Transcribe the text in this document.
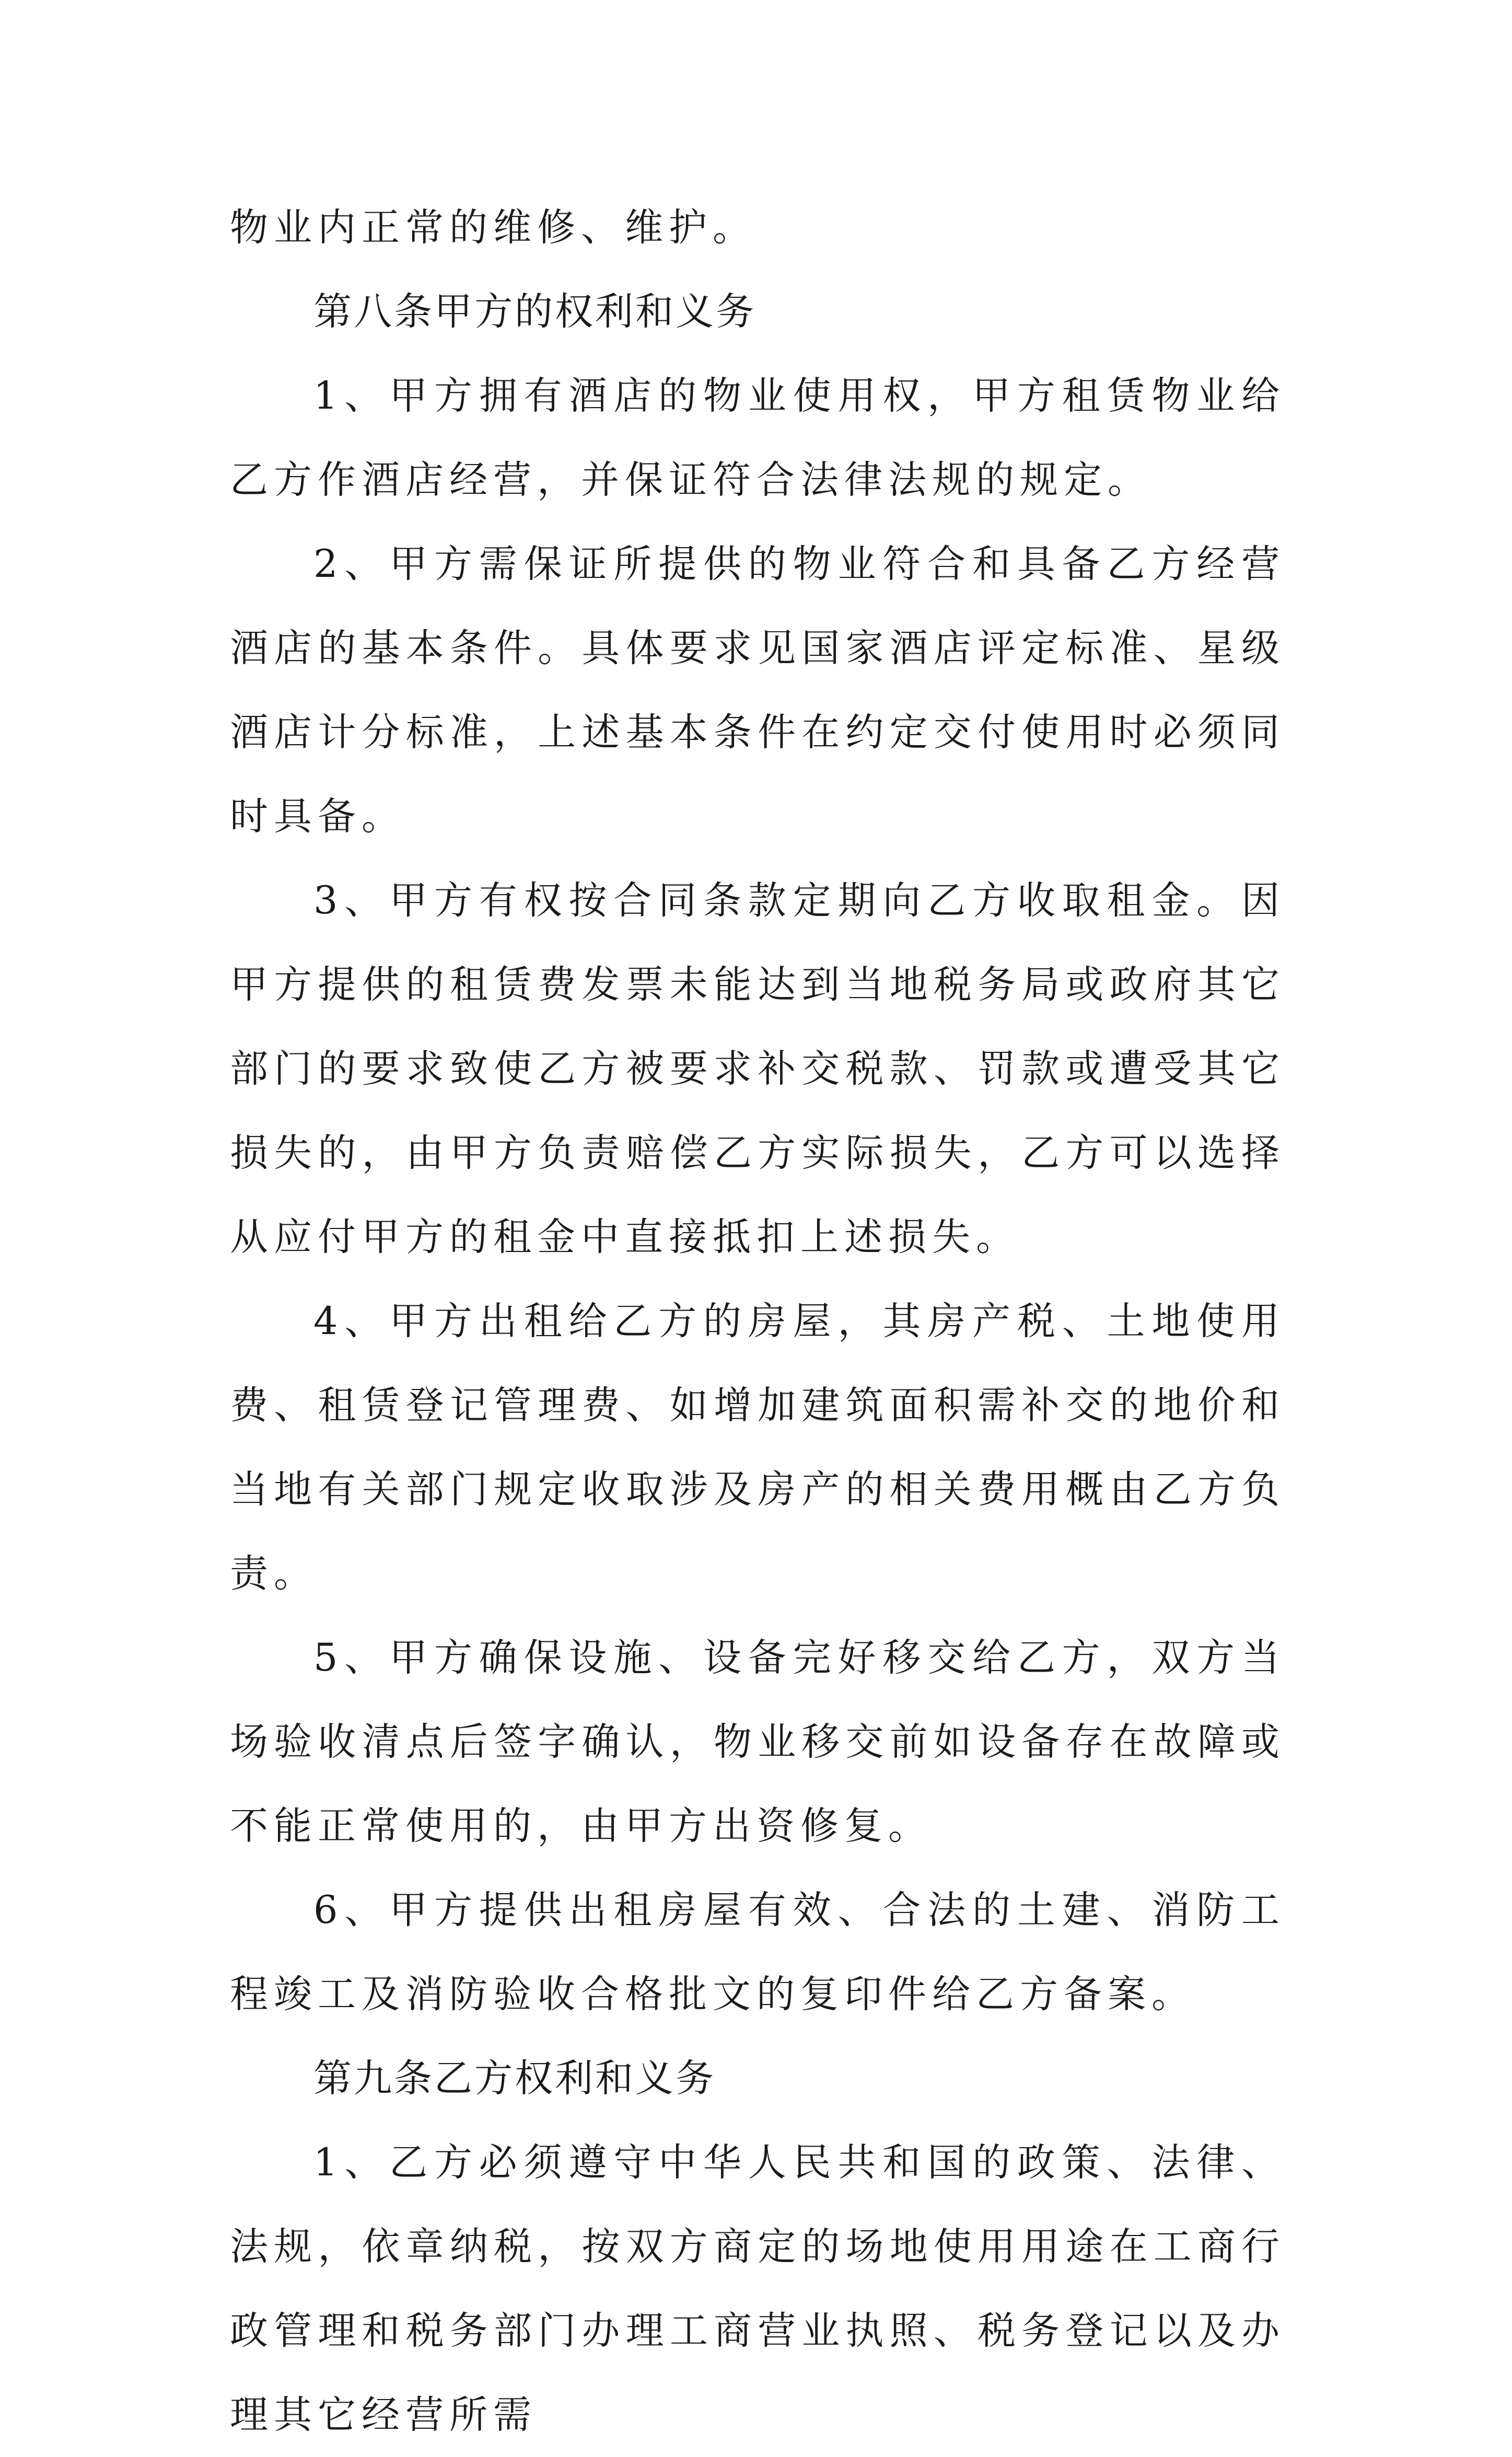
物业内正常的维修、维护。

第八条甲方的权利和义务

1、甲方拥有酒店的物业使用权，甲方租赁物业给乙方作酒店经营，并保证符合法律法规的规定。

2、甲方需保证所提供的物业符合和具备乙方经营酒店的基本条件。具体要求见国家酒店评定标准、星级酒店计分标准，上述基本条件在约定交付使用时必须同时具备。

3、甲方有权按合同条款定期向乙方收取租金。因甲方提供的租赁费发票未能达到当地税务局或政府其它部门的要求致使乙方被要求补交税款、罚款或遭受其它损失的，由甲方负责赔偿乙方实际损失，乙方可以选择从应付甲方的租金中直接抵扣上述损失。

4、甲方出租给乙方的房屋，其房产税、土地使用费、租赁登记管理费、如增加建筑面积需补交的地价和当地有关部门规定收取涉及房产的相关费用概由乙方负责。

5、甲方确保设施、设备完好移交给乙方，双方当场验收清点后签字确认，物业移交前如设备存在故障或不能正常使用的，由甲方出资修复。

6、甲方提供出租房屋有效、合法的土建、消防工程竣工及消防验收合格批文的复印件给乙方备案。

第九条乙方权利和义务

1、乙方必须遵守中华人民共和国的政策、法律、法规，依章纳税，按双方商定的场地使用用途在工商行政管理和税务部门办理工商营业执照、税务登记以及办理其它经营所需
